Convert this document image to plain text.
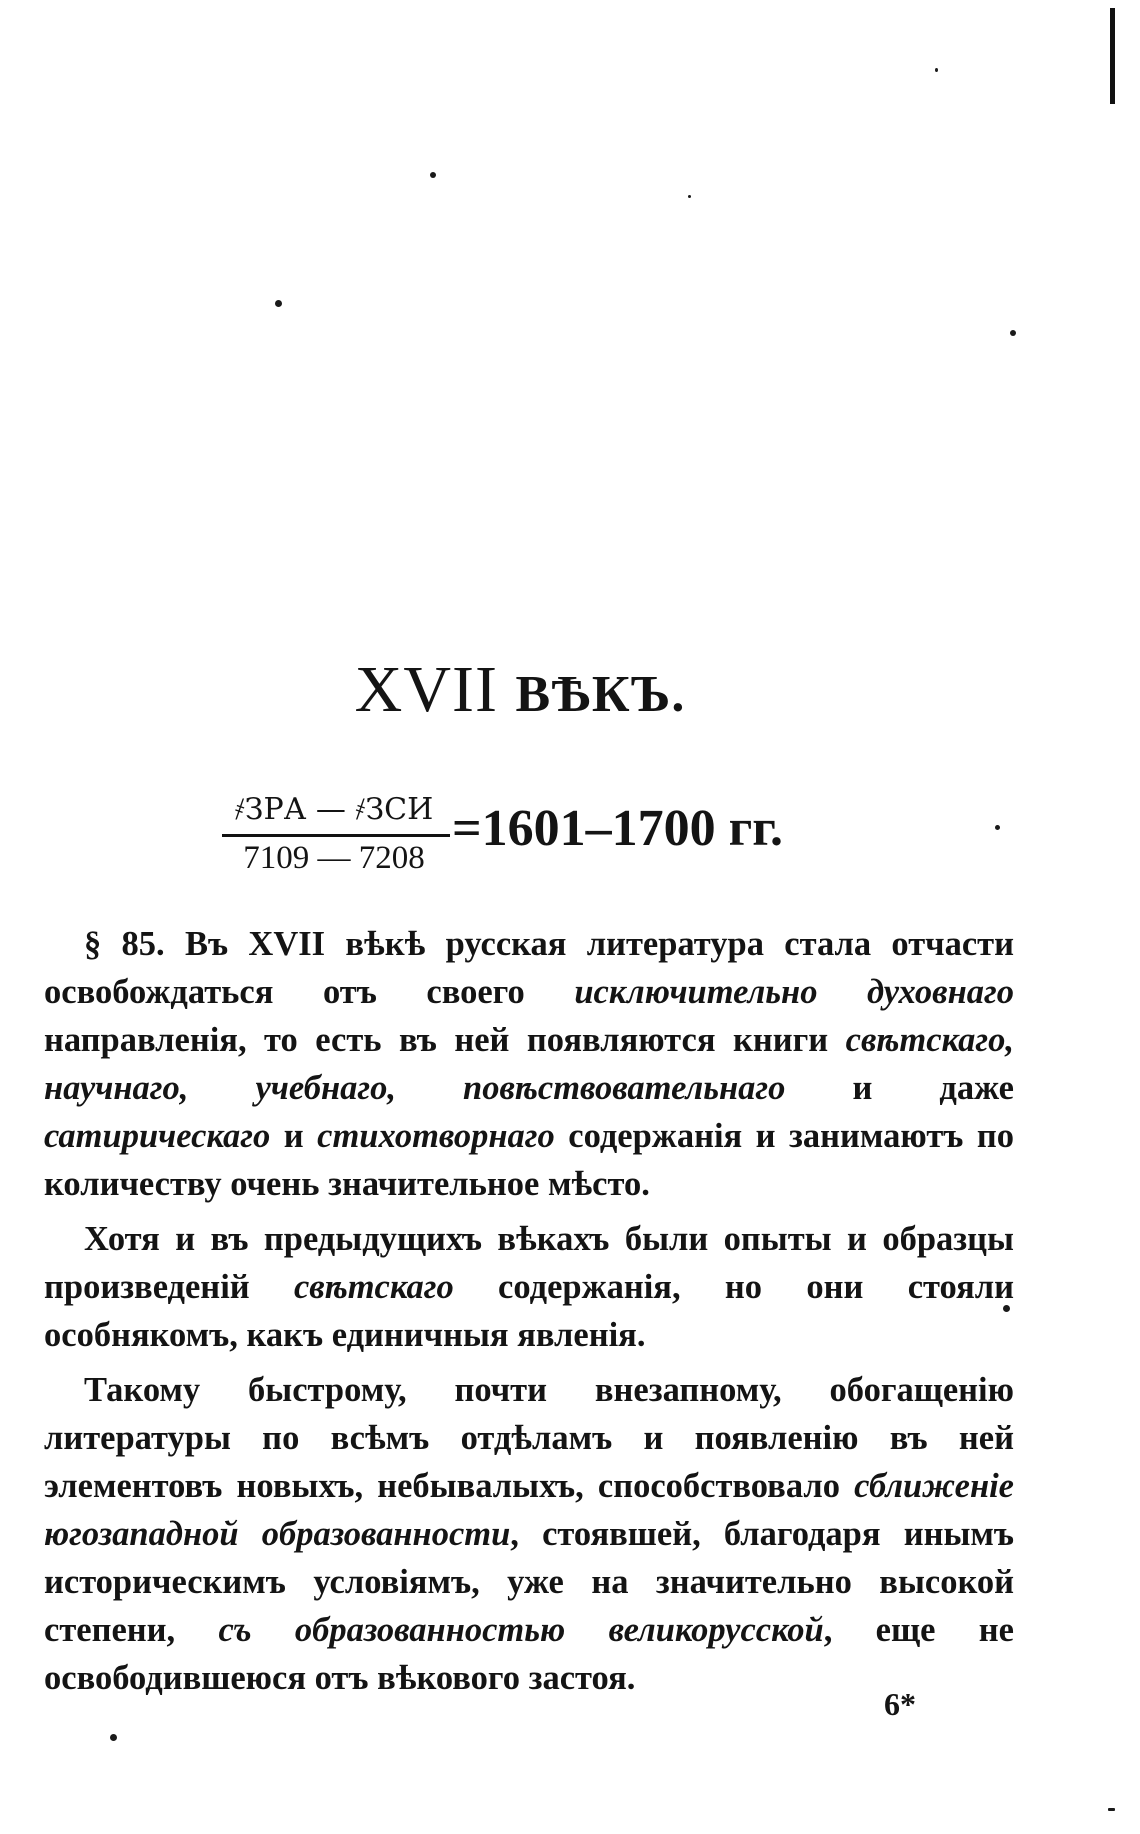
XVII ВѢКЪ.
҂ЗРА — ҂ЗСИ
7109 — 7208
=1601–1700 гг.

§ 85. Въ XVII вѣкѣ русская литература стала отчасти освобождаться отъ своего исключительно духовнаго направленія, то есть въ ней появляются книги свѣтскаго, научнаго, учебнаго, повѣствовательнаго и даже сатирическаго и стихотворнаго содержанія и занимаютъ по количеству очень значительное мѣсто.

Хотя и въ предыдущихъ вѣкахъ были опыты и образцы произведеній свѣтскаго содержанія, но они стояли особнякомъ, какъ единичныя явленія.

Такому быстрому, почти внезапному, обогащенію литературы по всѣмъ отдѣламъ и появленію въ ней элементовъ новыхъ, небывалыхъ, способствовало сближеніе югозападной образованности, стоявшей, благодаря инымъ историческимъ условіямъ, уже на значительно высокой степени, съ образованностью великорусской, еще не освободившеюся отъ вѣкового застоя.

6*
